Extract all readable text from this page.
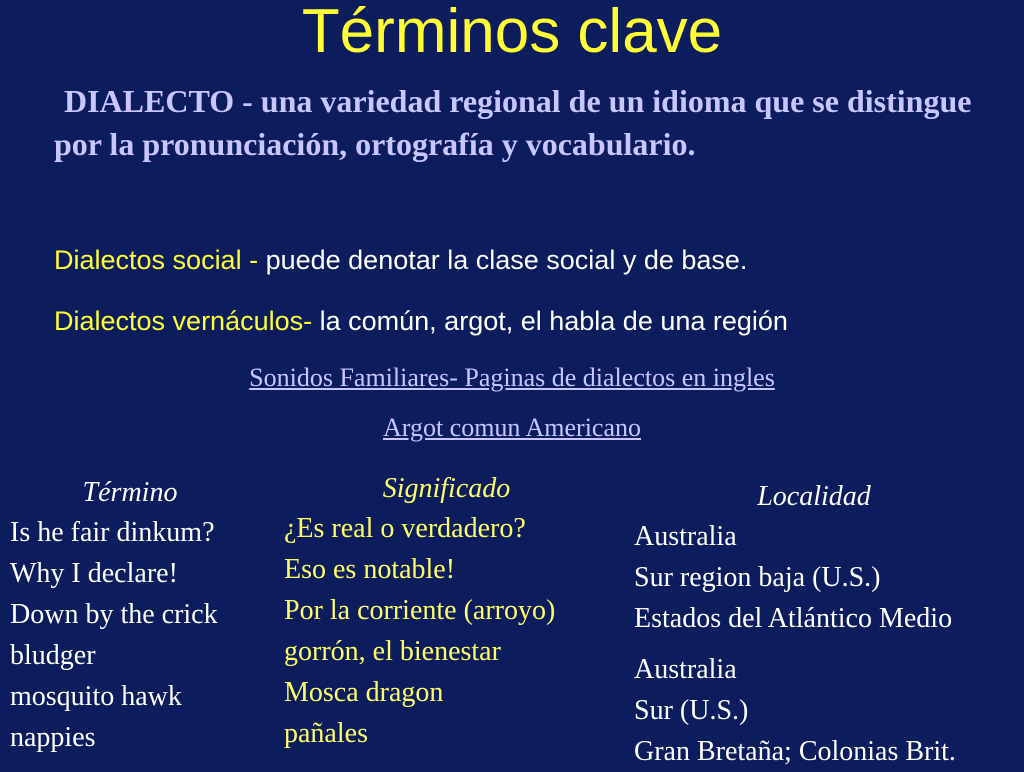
Términos clave
DIALECTO - una variedad regional de un idioma que se distingue por la pronunciación, ortografía y vocabulario.
Dialectos social - puede denotar la clase social y de base.
Dialectos vernáculos- la común, argot, el habla de una región
Sonidos Familiares- Paginas de dialectos en ingles
Argot comun Americano
Término
Is he fair dinkum?
Why I declare!
Down by the crick
bludger
mosquito hawk
nappies
Significado
¿Es real o verdadero?
Eso es notable!
Por la corriente (arroyo)
gorrón, el bienestar
Mosca dragon
pañales
Localidad
Australia
Sur region baja (U.S.)
Estados del Atlántico Medio
Australia
Sur (U.S.)
Gran Bretaña; Colonias Brit.
